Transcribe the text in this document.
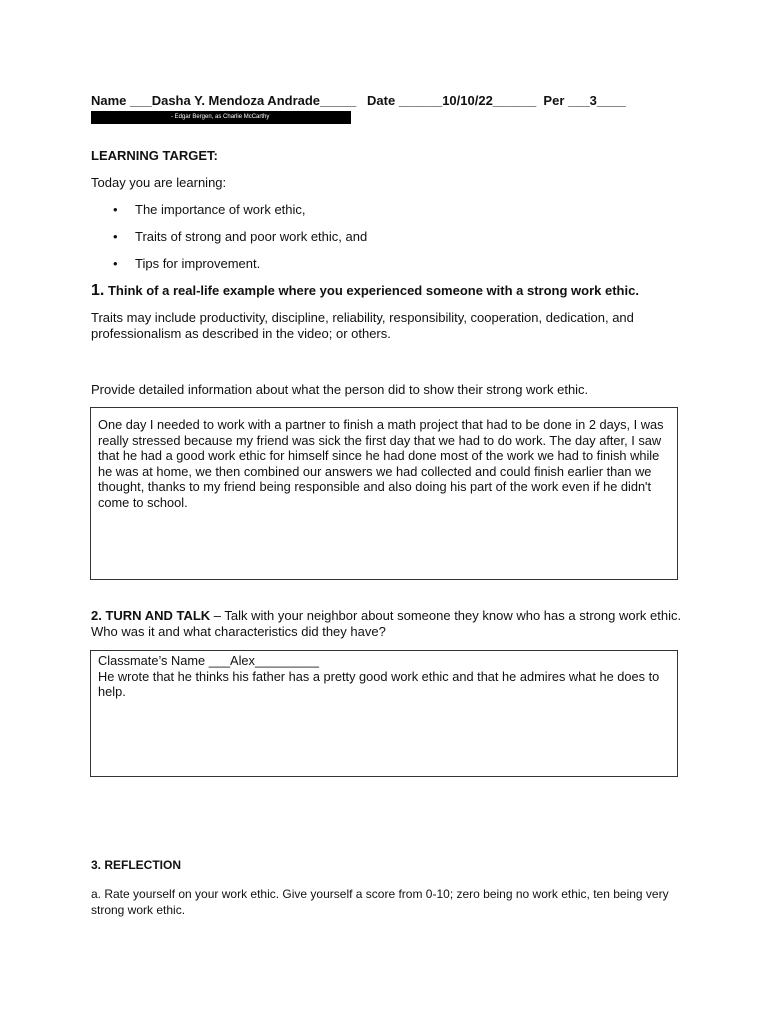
Name ___Dasha Y. Mendoza Andrade_____ Date ______10/10/22______ Per ___3____
- Edgar Bergen, as Charlie McCarthy
LEARNING TARGET:
Today you are learning:
• The importance of work ethic,
• Traits of strong and poor work ethic, and
• Tips for improvement.
1. Think of a real-life example where you experienced someone with a strong work ethic.
Traits may include productivity, discipline, reliability, responsibility, cooperation, dedication, and professionalism as described in the video; or others.
Provide detailed information about what the person did to show their strong work ethic.
One day I needed to work with a partner to finish a math project that had to be done in 2 days, I was really stressed because my friend was sick the first day that we had to do work. The day after, I saw that he had a good work ethic for himself since he had done most of the work we had to finish while he was at home, we then combined our answers we had collected and could finish earlier than we thought, thanks to my friend being responsible and also doing his part of the work even if he didn't come to school.
2. TURN AND TALK – Talk with your neighbor about someone they know who has a strong work ethic. Who was it and what characteristics did they have?
Classmate’s Name ___Alex_________
He wrote that he thinks his father has a pretty good work ethic and that he admires what he does to help.
3. REFLECTION
a. Rate yourself on your work ethic. Give yourself a score from 0-10; zero being no work ethic, ten being very strong work ethic.
